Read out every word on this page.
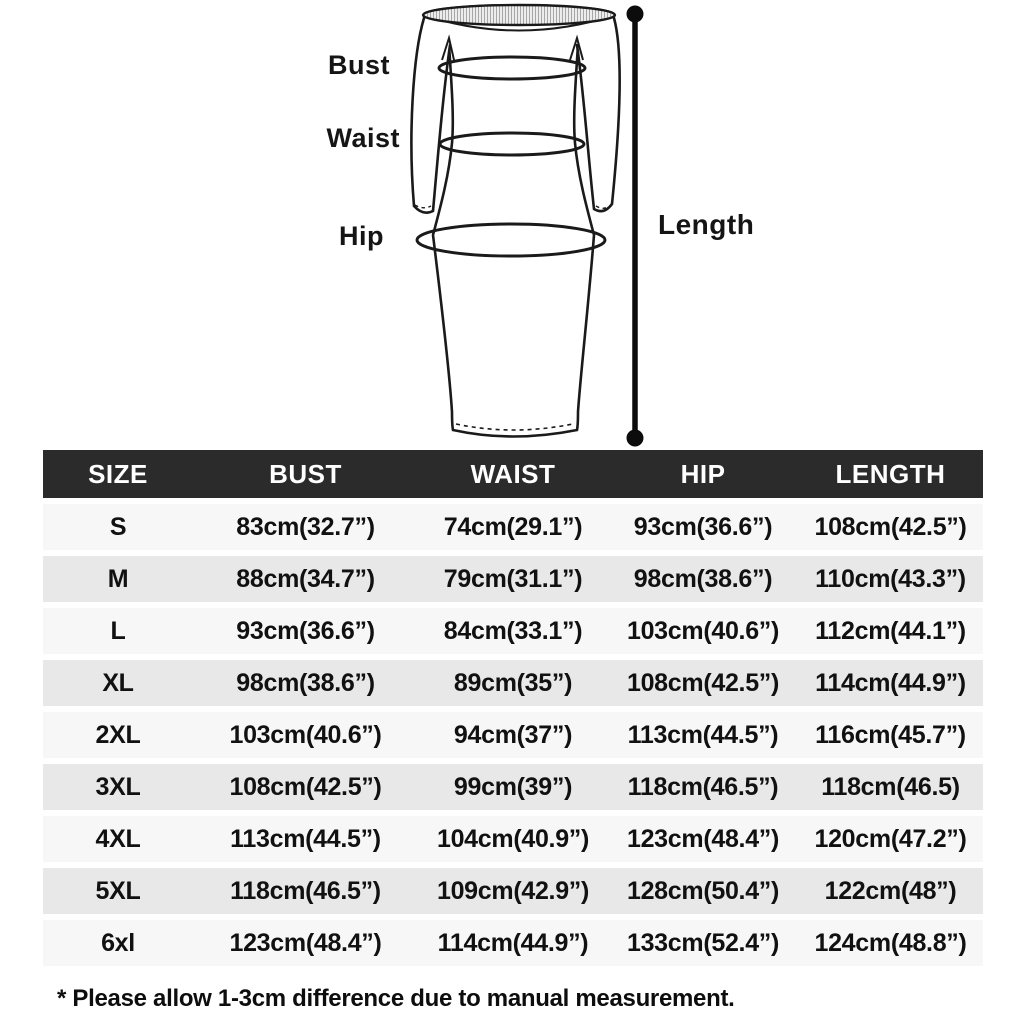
Bust
Waist
Hip	Length
SIZE	BUST	WAIST	HIP	LENGTH
S	83cm(32.7”)	74cm(29.1”)	93cm(36.6”)	108cm(42.5”)
M	88cm(34.7”)	79cm(31.1”)	98cm(38.6”)	110cm(43.3”)
L	93cm(36.6”)	84cm(33.1”)	103cm(40.6”)	112cm(44.1”)
XL	98cm(38.6”)	89cm(35”)	108cm(42.5”)	114cm(44.9”)
2XL	103cm(40.6”)	94cm(37”)	113cm(44.5”)	116cm(45.7”)
3XL	108cm(42.5”)	99cm(39”)	118cm(46.5”)	118cm(46.5)
4XL	113cm(44.5”)	104cm(40.9”)	123cm(48.4”)	120cm(47.2”)
5XL	118cm(46.5”)	109cm(42.9”)	128cm(50.4”)	122cm(48”)
6xl	123cm(48.4”)	114cm(44.9”)	133cm(52.4”)	124cm(48.8”)
* Please allow 1-3cm difference due to manual measurement.
